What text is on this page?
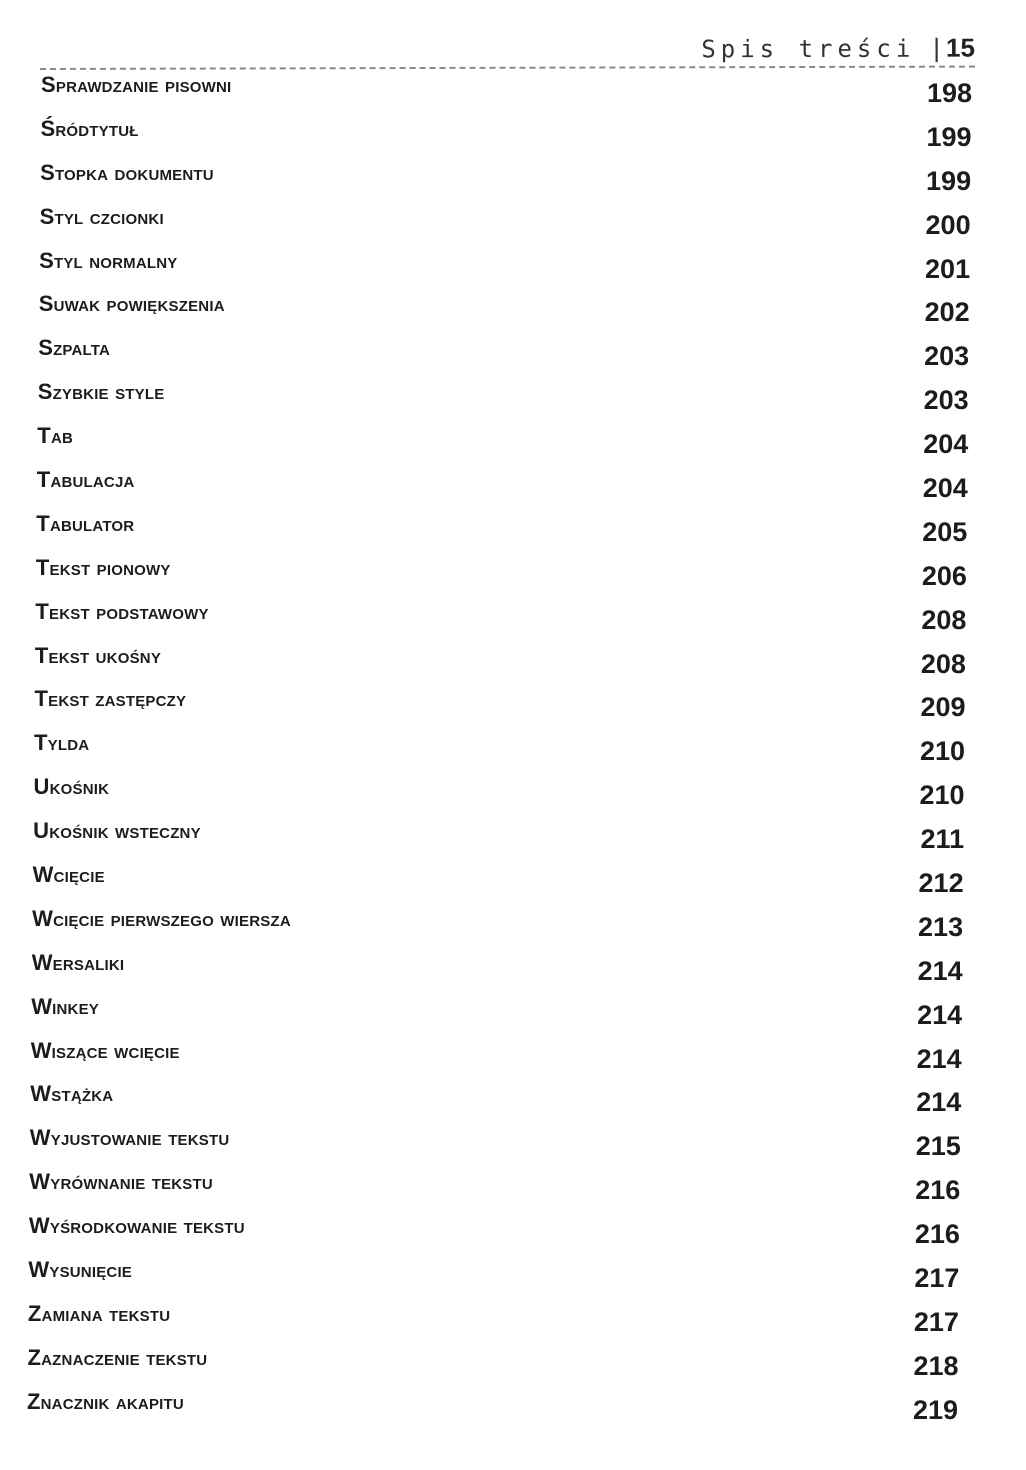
Spis treści | 15
Sprawdzanie pisowni	198
Śródtytuł	199
Stopka dokumentu	199
Styl czcionki	200
Styl normalny	201
Suwak powiększenia	202
Szpalta	203
Szybkie style	203
Tab	204
Tabulacja	204
Tabulator	205
Tekst pionowy	206
Tekst podstawowy	208
Tekst ukośny	208
Tekst zastępczy	209
Tylda	210
Ukośnik	210
Ukośnik wsteczny	211
Wcięcie	212
Wcięcie pierwszego wiersza	213
Wersaliki	214
Winkey	214
Wiszące wcięcie	214
Wstążka	214
Wyjustowanie tekstu	215
Wyrównanie tekstu	216
Wyśrodkowanie tekstu	216
Wysunięcie	217
Zamiana tekstu	217
Zaznaczenie tekstu	218
Znacznik akapitu	219
